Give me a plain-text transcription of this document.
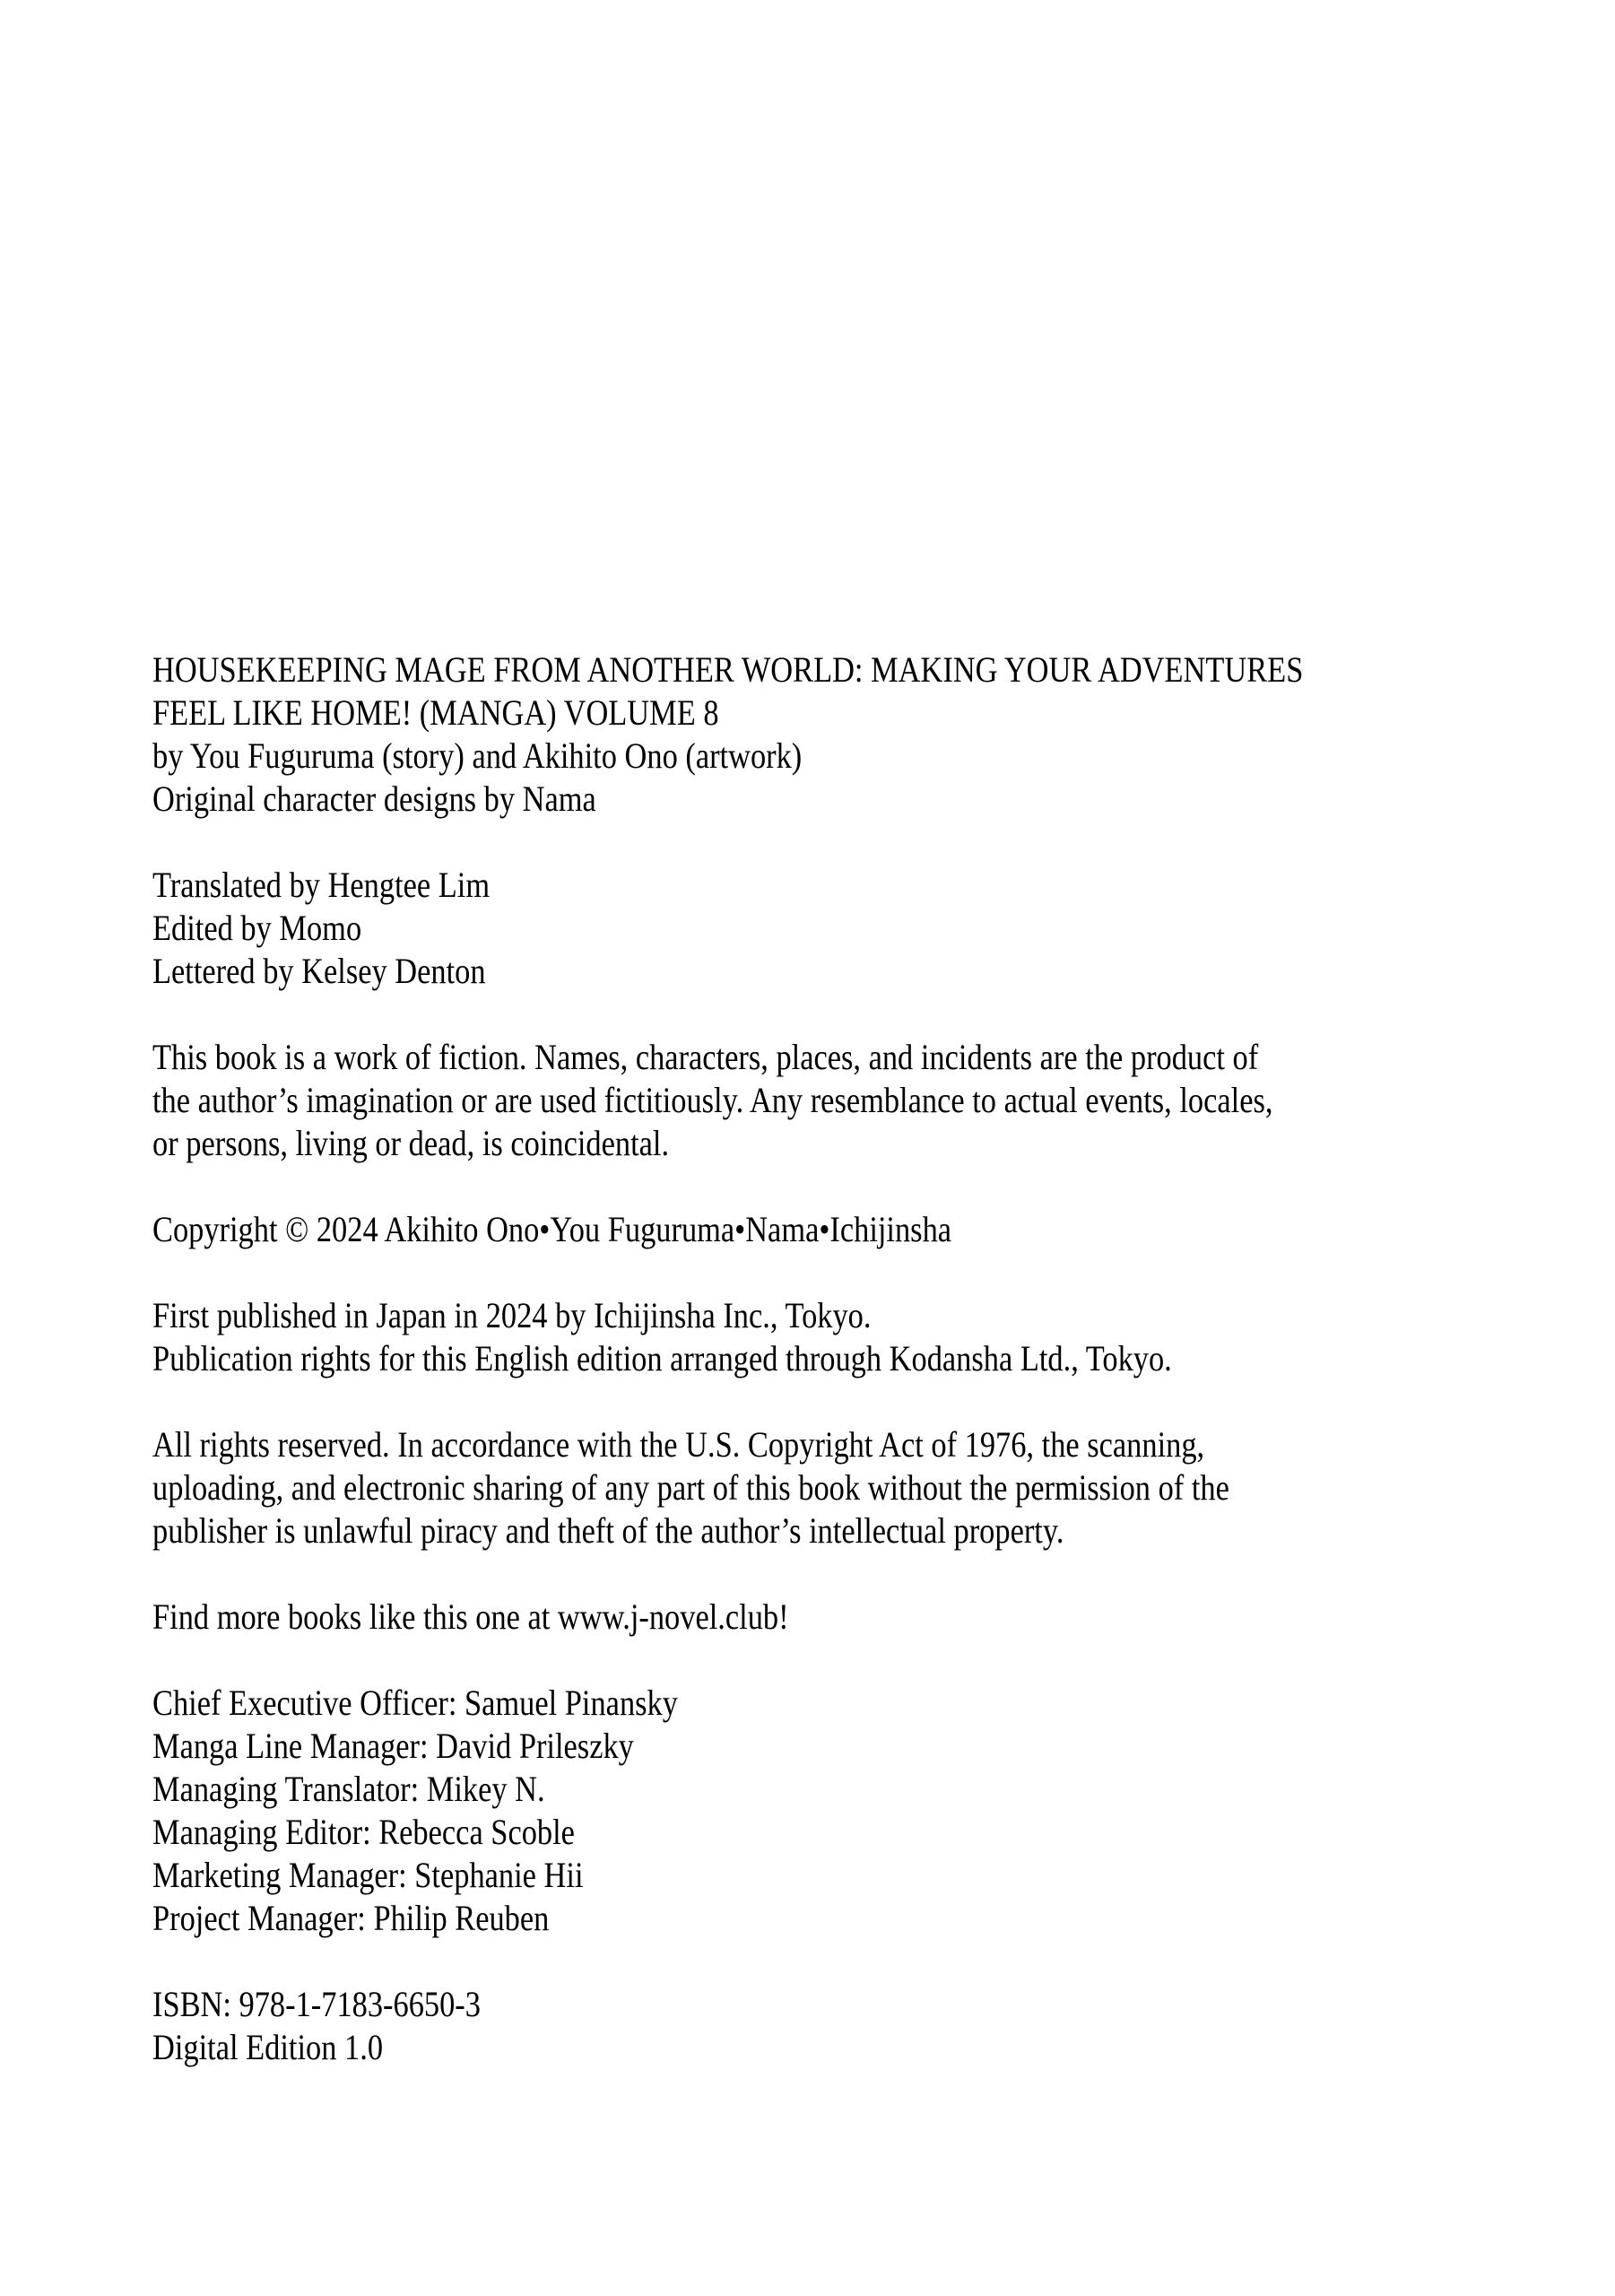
HOUSEKEEPING MAGE FROM ANOTHER WORLD: MAKING YOUR ADVENTURES
FEEL LIKE HOME! (MANGA) VOLUME 8
by You Fuguruma (story) and Akihito Ono (artwork)
Original character designs by Nama
Translated by Hengtee Lim
Edited by Momo
Lettered by Kelsey Denton
This book is a work of fiction. Names, characters, places, and incidents are the product of
the author’s imagination or are used fictitiously. Any resemblance to actual events, locales,
or persons, living or dead, is coincidental.
Copyright © 2024 Akihito Ono•You Fuguruma•Nama•Ichijinsha
First published in Japan in 2024 by Ichijinsha Inc., Tokyo.
Publication rights for this English edition arranged through Kodansha Ltd., Tokyo.
All rights reserved. In accordance with the U.S. Copyright Act of 1976, the scanning,
uploading, and electronic sharing of any part of this book without the permission of the
publisher is unlawful piracy and theft of the author’s intellectual property.
Find more books like this one at www.j-novel.club!
Chief Executive Officer: Samuel Pinansky
Manga Line Manager: David Prileszky
Managing Translator: Mikey N.
Managing Editor: Rebecca Scoble
Marketing Manager: Stephanie Hii
Project Manager: Philip Reuben
ISBN: 978-1-7183-6650-3
Digital Edition 1.0
